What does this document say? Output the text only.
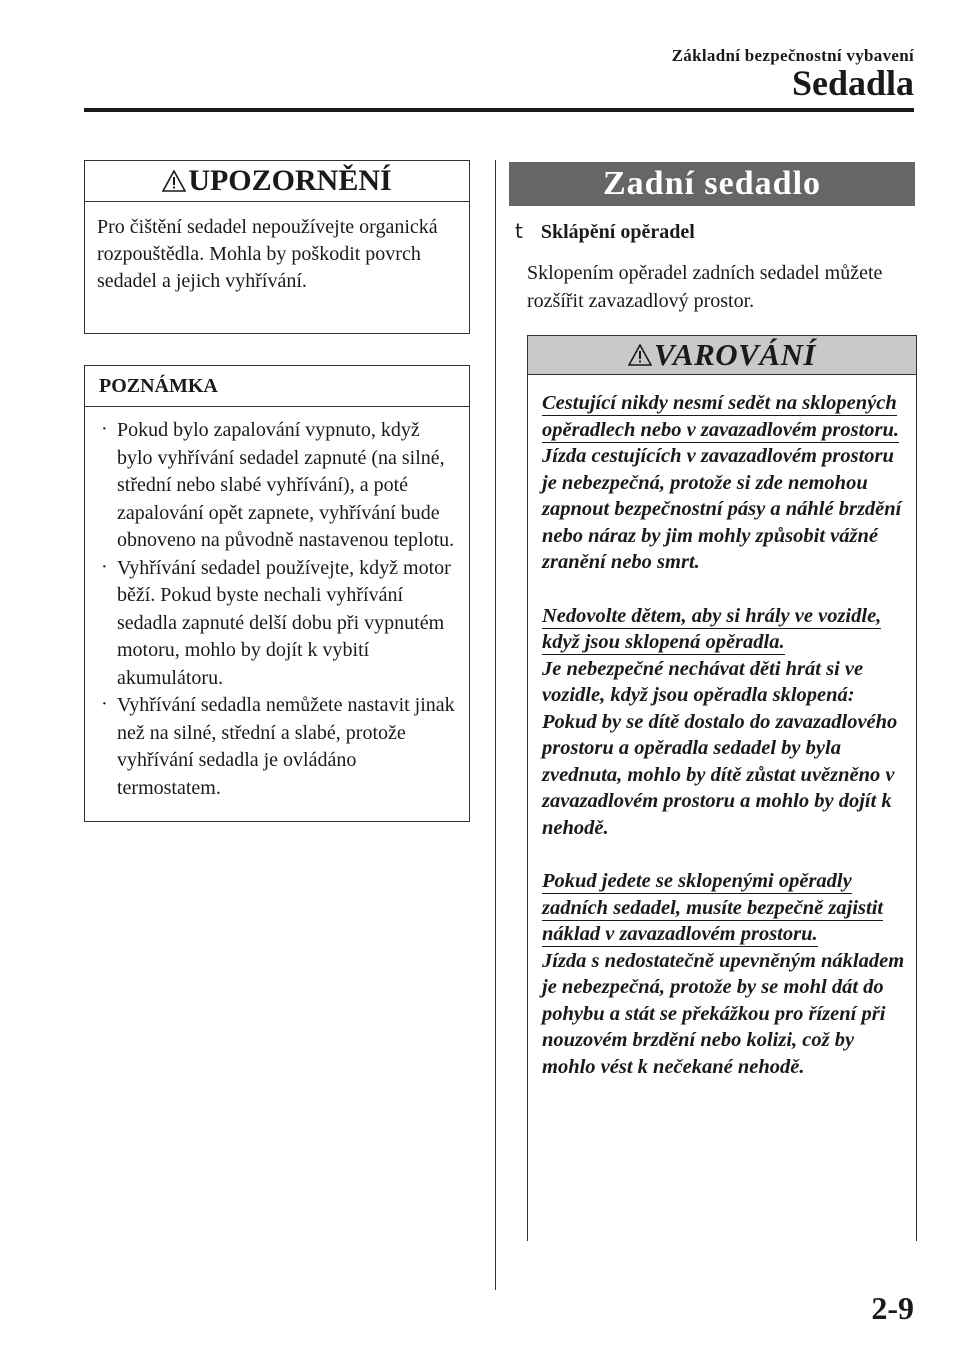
Základní bezpečnostní vybavení
Sedadla
UPOZORNĚNÍ
Pro čištění sedadel nepoužívejte organická rozpouštědla. Mohla by poškodit povrch sedadel a jejich vyhřívání.
POZNÁMKA
· Pokud bylo zapalování vypnuto, když bylo vyhřívání sedadel zapnuté (na silné, střední nebo slabé vyhřívání), a poté zapalování opět zapnete, vyhřívání bude obnoveno na původně nastavenou teplotu.
· Vyhřívání sedadel používejte, když motor běží. Pokud byste nechali vyhřívání sedadla zapnuté delší dobu při vypnutém motoru, mohlo by dojít k vybití akumulátoru.
· Vyhřívání sedadla nemůžete nastavit jinak než na silné, střední a slabé, protože vyhřívání sedadla je ovládáno termostatem.
Zadní sedadlo
t Sklápění opěradel
Sklopením opěradel zadních sedadel můžete rozšířit zavazadlový prostor.
VAROVÁNÍ
Cestující nikdy nesmí sedět na sklopených opěradlech nebo v zavazadlovém prostoru.
Jízda cestujících v zavazadlovém prostoru je nebezpečná, protože si zde nemohou zapnout bezpečnostní pásy a náhlé brzdění nebo náraz by jim mohly způsobit vážné zranění nebo smrt.
Nedovolte dětem, aby si hrály ve vozidle, když jsou sklopená opěradla.
Je nebezpečné nechávat děti hrát si ve vozidle, když jsou opěradla sklopená: Pokud by se dítě dostalo do zavazadlového prostoru a opěradla sedadel by byla zvednuta, mohlo by dítě zůstat uvězněno v zavazadlovém prostoru a mohlo by dojít k nehodě.
Pokud jedete se sklopenými opěradly zadních sedadel, musíte bezpečně zajistit náklad v zavazadlovém prostoru.
Jízda s nedostatečně upevněným nákladem je nebezpečná, protože by se mohl dát do pohybu a stát se překážkou pro řízení při nouzovém brzdění nebo kolizi, což by mohlo vést k nečekané nehodě.
2-9
